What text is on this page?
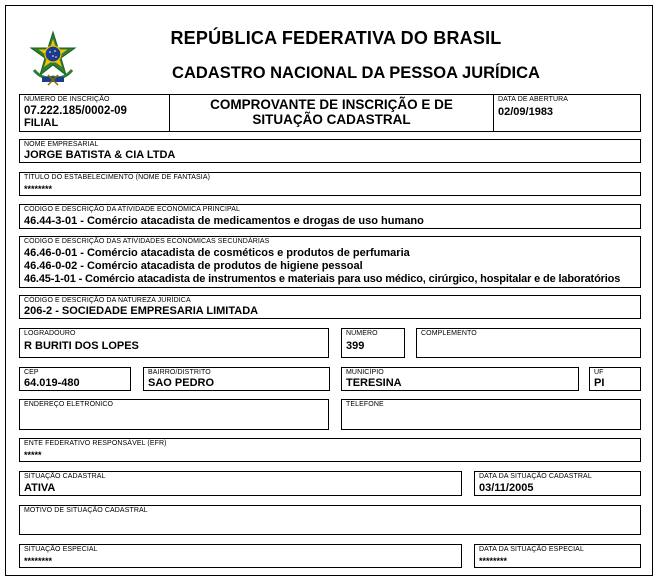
REPÚBLICA FEDERATIVA DO BRASIL
CADASTRO NACIONAL DA PESSOA JURÍDICA
NÚMERO DE INSCRIÇÃO
07.222.185/0002-09
FILIAL
COMPROVANTE DE INSCRIÇÃO E DE
SITUAÇÃO CADASTRAL
DATA DE ABERTURA
02/09/1983
NOME EMPRESARIAL
JORGE BATISTA & CIA LTDA
TÍTULO DO ESTABELECIMENTO (NOME DE FANTASIA)
********
CÓDIGO E DESCRIÇÃO DA ATIVIDADE ECONÔMICA PRINCIPAL
46.44-3-01 - Comércio atacadista de medicamentos e drogas de uso humano
CÓDIGO E DESCRIÇÃO DAS ATIVIDADES ECONÔMICAS SECUNDÁRIAS
46.46-0-01 - Comércio atacadista de cosméticos e produtos de perfumaria
46.46-0-02 - Comércio atacadista de produtos de higiene pessoal
46.45-1-01 - Comércio atacadista de instrumentos e materiais para uso médico, cirúrgico, hospitalar e de laboratórios
CÓDIGO E DESCRIÇÃO DA NATUREZA JURÍDICA
206-2 - SOCIEDADE EMPRESARIA LIMITADA
LOGRADOURO
R BURITI DOS LOPES
NÚMERO
399
COMPLEMENTO
CEP
64.019-480
BAIRRO/DISTRITO
SAO PEDRO
MUNICÍPIO
TERESINA
UF
PI
ENDEREÇO ELETRÔNICO	TELEFONE
ENTE FEDERATIVO RESPONSÁVEL (EFR)
*****
SITUAÇÃO CADASTRAL
ATIVA
DATA DA SITUAÇÃO CADASTRAL
03/11/2005
MOTIVO DE SITUAÇÃO CADASTRAL
SITUAÇÃO ESPECIAL
********
DATA DA SITUAÇÃO ESPECIAL
********
